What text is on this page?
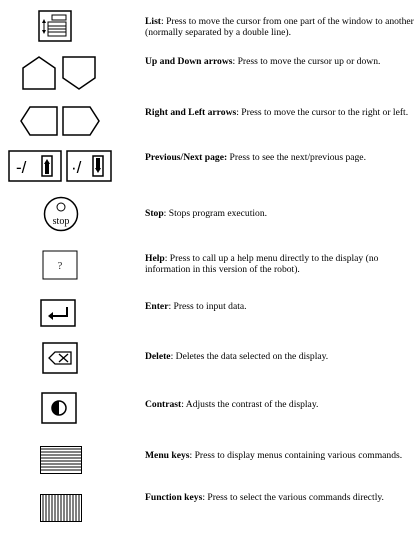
List: Press to move the cursor from one part of the window to another (normally separated by a double line).
Up and Down arrows: Press to move the cursor up or down.
Right and Left arrows: Press to move the cursor to the right or left.
-/	·/
Previous/Next page: Press to see the next/previous page.
stop
Stop: Stops program execution.
?
Help: Press to call up a help menu directly to the display (no information in this version of the robot).
Enter: Press to input data.
Delete: Deletes the data selected on the display.
Contrast: Adjusts the contrast of the display.
Menu keys: Press to display menus containing various commands.
Function keys: Press to select the various commands directly.
